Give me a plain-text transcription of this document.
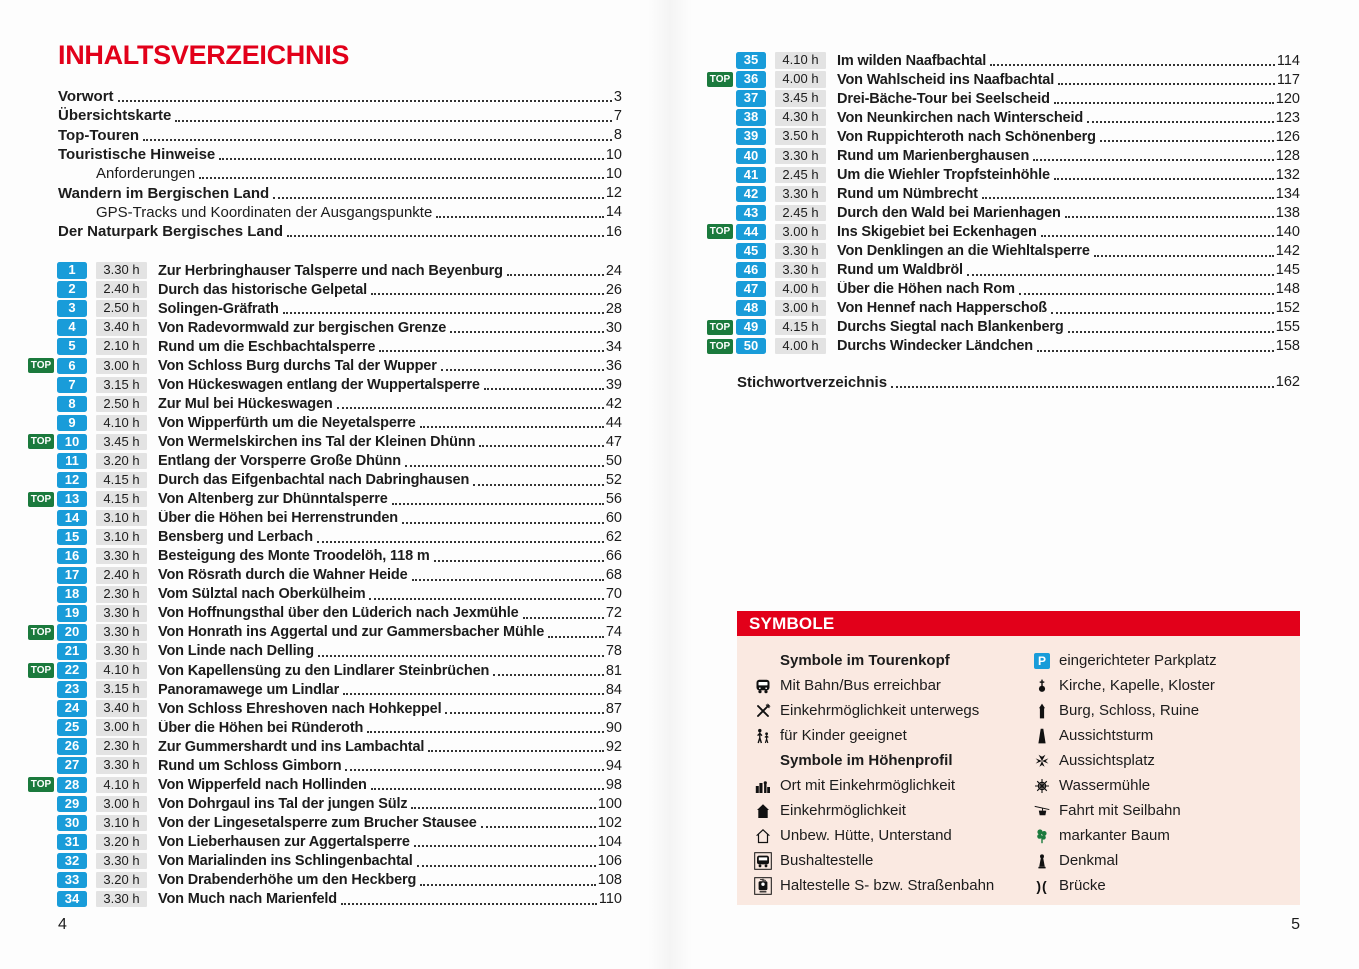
INHALTSVERZEICHNIS
Vorwort	3
Übersichtskarte	7
Top-Touren	8
Touristische Hinweise	10
Anforderungen	10
Wandern im Bergischen Land	12
GPS-Tracks und Koordinaten der Ausgangspunkte	14
Der Naturpark Bergisches Land	16
1	3.30 h	Zur Herbringhauser Talsperre und nach Beyenburg	24
2	2.40 h	Durch das historische Gelpetal	26
3	2.50 h	Solingen-Gräfrath	28
4	3.40 h	Von Radevormwald zur bergischen Grenze	30
5	2.10 h	Rund um die Eschbachtalsperre	34
TOP	6	3.00 h	Von Schloss Burg durchs Tal der Wupper	36
7	3.15 h	Von Hückeswagen entlang der Wuppertalsperre	39
8	2.50 h	Zur Mul bei Hückeswagen	42
9	4.10 h	Von Wipperfürth um die Neyetalsperre	44
TOP	10	3.45 h	Von Wermelskirchen ins Tal der Kleinen Dhünn	47
11	3.20 h	Entlang der Vorsperre Große Dhünn	50
12	4.15 h	Durch das Eifgenbachtal nach Dabringhausen	52
TOP	13	4.15 h	Von Altenberg zur Dhünntalsperre	56
14	3.10 h	Über die Höhen bei Herrenstrunden	60
15	3.10 h	Bensberg und Lerbach	62
16	3.30 h	Besteigung des Monte Troodelöh, 118 m	66
17	2.40 h	Von Rösrath durch die Wahner Heide	68
18	2.30 h	Vom Sülztal nach Oberkülheim	70
19	3.30 h	Von Hoffnungsthal über den Lüderich nach Jexmühle	72
TOP	20	3.30 h	Von Honrath ins Aggertal und zur Gammersbacher Mühle	74
21	3.30 h	Von Linde nach Delling	78
TOP	22	4.10 h	Von Kapellensüng zu den Lindlarer Steinbrüchen	81
23	3.15 h	Panoramawege um Lindlar	84
24	3.40 h	Von Schloss Ehreshoven nach Hohkeppel	87
25	3.00 h	Über die Höhen bei Ründeroth	90
26	2.30 h	Zur Gummershardt und ins Lambachtal	92
27	3.30 h	Rund um Schloss Gimborn	94
TOP	28	4.10 h	Von Wipperfeld nach Hollinden	98
29	3.00 h	Von Dohrgaul ins Tal der jungen Sülz	100
30	3.10 h	Von der Lingesetalsperre zum Brucher Stausee	102
31	3.20 h	Von Lieberhausen zur Aggertalsperre	104
32	3.30 h	Von Marialinden ins Schlingenbachtal	106
33	3.20 h	Von Drabenderhöhe um den Heckberg	108
34	3.30 h	Von Much nach Marienfeld	110
35	4.10 h	Im wilden Naafbachtal	114
TOP	36	4.00 h	Von Wahlscheid ins Naafbachtal	117
37	3.45 h	Drei-Bäche-Tour bei Seelscheid	120
38	4.30 h	Von Neunkirchen nach Winterscheid	123
39	3.50 h	Von Ruppichteroth nach Schönenberg	126
40	3.30 h	Rund um Marienberghausen	128
41	2.45 h	Um die Wiehler Tropfsteinhöhle	132
42	3.30 h	Rund um Nümbrecht	134
43	2.45 h	Durch den Wald bei Marienhagen	138
TOP	44	3.00 h	Ins Skigebiet bei Eckenhagen	140
45	3.30 h	Von Denklingen an die Wiehltalsperre	142
46	3.30 h	Rund um Waldbröl	145
47	4.00 h	Über die Höhen nach Rom	148
48	3.00 h	Von Hennef nach Happerschoß	152
TOP	49	4.15 h	Durchs Siegtal nach Blankenberg	155
TOP	50	4.00 h	Durchs Windecker Ländchen	158
Stichwortverzeichnis	162
SYMBOLE
Symbole im Tourenkopf
Mit Bahn/Bus erreichbar
Einkehrmöglichkeit unterwegs
für Kinder geeignet
Symbole im Höhenprofil
Ort mit Einkehrmöglichkeit
Einkehrmöglichkeit
Unbew. Hütte, Unterstand
Bushaltestelle
Haltestelle S- bzw. Straßenbahn
P eingerichteter Parkplatz
Kirche, Kapelle, Kloster
Burg, Schloss, Ruine
Aussichtsturm
Aussichtsplatz
Wassermühle
Fahrt mit Seilbahn
markanter Baum
Denkmal
)( Brücke
4	5
